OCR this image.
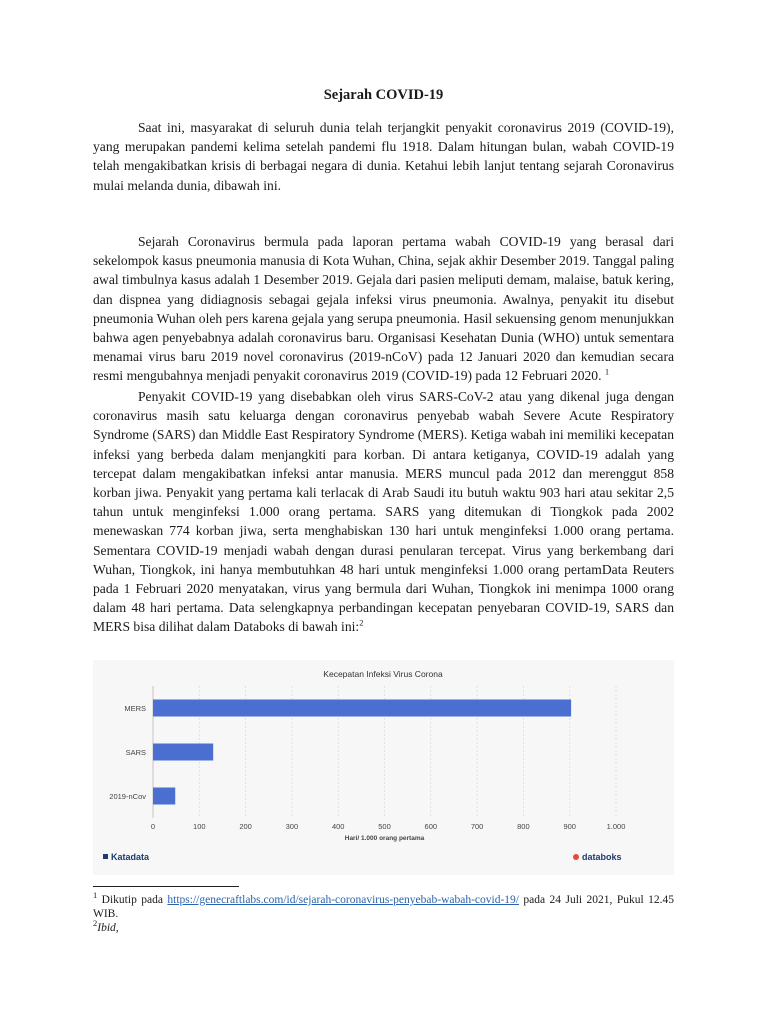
Sejarah COVID-19

Saat ini, masyarakat di seluruh dunia telah terjangkit penyakit coronavirus 2019 (COVID-19), yang merupakan pandemi kelima setelah pandemi flu 1918. Dalam hitungan bulan, wabah COVID-19 telah mengakibatkan krisis di berbagai negara di dunia. Ketahui lebih lanjut tentang sejarah Coronavirus mulai melanda dunia, dibawah ini.

Sejarah Coronavirus bermula pada laporan pertama wabah COVID-19 yang berasal dari sekelompok kasus pneumonia manusia di Kota Wuhan, China, sejak akhir Desember 2019. Tanggal paling awal timbulnya kasus adalah 1 Desember 2019. Gejala dari pasien meliputi demam, malaise, batuk kering, dan dispnea yang didiagnosis sebagai gejala infeksi virus pneumonia. Awalnya, penyakit itu disebut pneumonia Wuhan oleh pers karena gejala yang serupa pneumonia. Hasil sekuensing genom menunjukkan bahwa agen penyebabnya adalah coronavirus baru. Organisasi Kesehatan Dunia (WHO) untuk sementara menamai virus baru 2019 novel coronavirus (2019-nCoV) pada 12 Januari 2020 dan kemudian secara resmi mengubahnya menjadi penyakit coronavirus 2019 (COVID-19) pada 12 Februari 2020. $^1$

Penyakit COVID-19 yang disebabkan oleh virus SARS-CoV-2 atau yang dikenal juga dengan coronavirus masih satu keluarga dengan coronavirus penyebab wabah Severe Acute Respiratory Syndrome (SARS) dan Middle East Respiratory Syndrome (MERS). Ketiga wabah ini memiliki kecepatan infeksi yang berbeda dalam menjangkiti para korban. Di antara ketiganya, COVID-19 adalah yang tercepat dalam mengakibatkan infeksi antar manusia. MERS muncul pada 2012 dan merenggut 858 korban jiwa. Penyakit yang pertama kali terlacak di Arab Saudi itu butuh waktu 903 hari atau sekitar 2,5 tahun untuk menginfeksi 1.000 orang pertama. SARS yang ditemukan di Tiongkok pada 2002 menewaskan 774 korban jiwa, serta menghabiskan 130 hari untuk menginfeksi 1.000 orang pertama. Sementara COVID-19 menjadi wabah dengan durasi penularan tercepat. Virus yang berkembang dari Wuhan, Tiongkok, ini hanya membutuhkan 48 hari untuk menginfeksi 1.000 orang pertamData Reuters pada 1 Februari 2020 menyatakan, virus yang bermula dari Wuhan, Tiongkok ini menimpa 1000 orang dalam 48 hari pertama. Data selengkapnya perbandingan kecepatan penyebaran COVID-19, SARS dan MERS bisa dilihat dalam Databoks di bawah ini:$^2$

Kecepatan Infeksi Virus Corona
0	100	200	300	400	500	600	700	800	900	1.000
MERS
SARS
2019-nCov
Hari/ 1.000 orang pertama
Katadata	databoks

$^1$ Dikutip pada https://genecraftlabs.com/id/sejarah-coronavirus-penyebab-wabah-covid-19/ pada 24 Juli 2021, Pukul 12.45 WIB.

$^2$Ibid,
